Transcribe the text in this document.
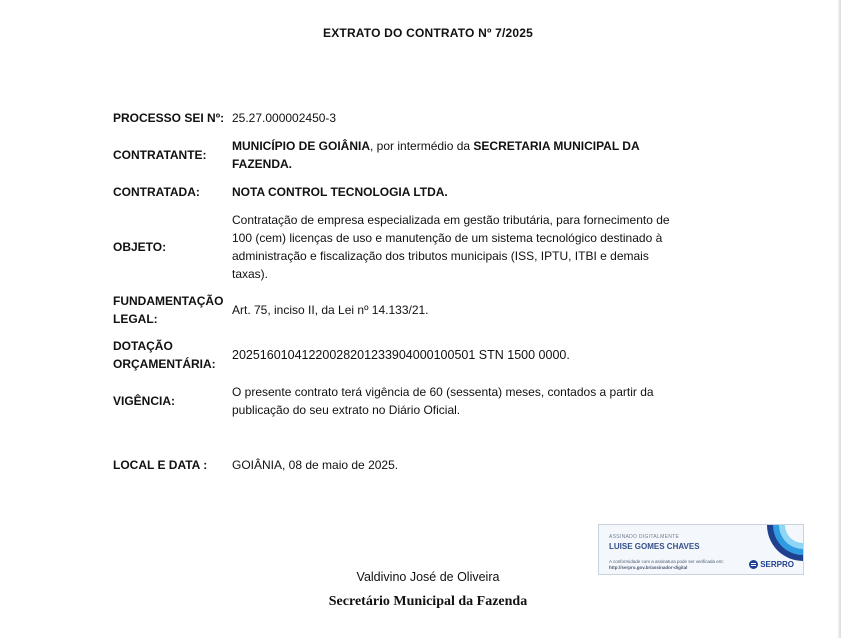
EXTRATO DO CONTRATO Nº 7/2025
PROCESSO SEI Nº: 25.27.000002450-3
CONTRATANTE:
MUNICÍPIO DE GOIÂNIA, por intermédio da SECRETARIA MUNICIPAL DA FAZENDA.
CONTRATADA:	NOTA CONTROL TECNOLOGIA LTDA.
OBJETO:
Contratação de empresa especializada em gestão tributária, para fornecimento de 100 (cem) licenças de uso e manutenção de um sistema tecnológico destinado à administração e fiscalização dos tributos municipais (ISS, IPTU, ITBI e demais taxas).
FUNDAMENTAÇÃO
LEGAL:
Art. 75, inciso II, da Lei nº 14.133/21.
DOTAÇÃO
ORÇAMENTÁRIA:
20251601041220028201233904000100501 STN 1500 0000.
VIGÊNCIA:
O presente contrato terá vigência de 60 (sessenta) meses, contados a partir da publicação do seu extrato no Diário Oficial.
LOCAL E DATA :	GOIÂNIA, 08 de maio de 2025.
ASSINADO DIGITALMENTE
LUISE GOMES CHAVES
A conformidade com a assinatura pode ser verificada em:
http://serpro.gov.br/assinador-digital	SERPRO
Valdivino José de Oliveira
Secretário Municipal da Fazenda
